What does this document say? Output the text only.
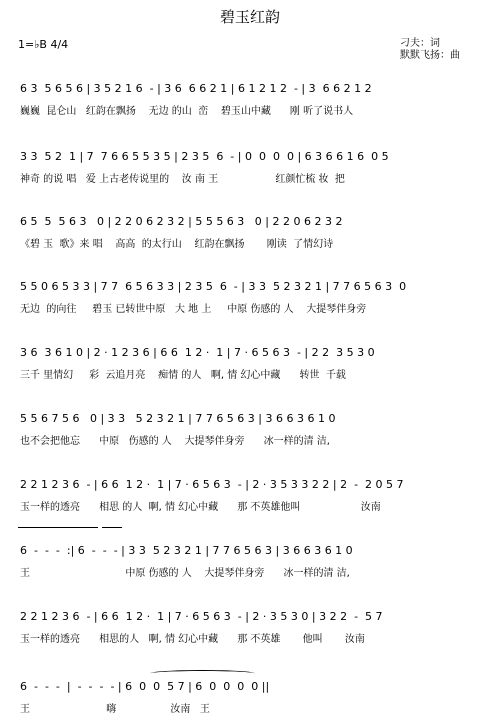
碧玉红韵
1=♭B 4/4	刁夫：词
默默飞扬：曲
6 3  5 6 5 6 | 3 5 2 1 6  - | 3 6  6 6 2 1 | 6 1 2 1 2  - | 3  6 6 2 1 2
巍巍  昆仑山   红韵在飘扬    无边 的山  峦    碧玉山中藏      刚 听了说书人
3 3  5 2  1 | 7  7 6 6 5 5 3 5 | 2 3 5  6  - | 0  0  0  0 | 6 3 6 6 1 6  0 5
神奇 的说 唱   爱 上古老传说里的    汝 南 王                  红颜忙梳 妆  把
6 5  5  5 6 3   0 | 2 2 0 6 2 3 2 | 5 5 5 6 3   0 | 2 2 0 6 2 3 2
《碧 玉  歌》来 唱    高高  的太行山    红韵在飘扬       刚读  了情幻诗
5 5 0 6 5 3 3 | 7 7  6 5 6 3 3 | 2 3 5  6  - | 3 3  5 2 3 2 1 | 7 7 6 5 6 3  0
无边  的向往     碧玉 已转世中原   大 地 上     中原 伤感的 人    大提琴伴身旁
3 6  3 6 1 0 | 2 · 1 2 3 6 | 6 6  1 2 ·  1 | 7 · 6 5 6 3  - | 2 2  3 5 3 0
三千 里情幻     彩  云追月亮    痴情 的人   啊, 情 幻心中藏      转世  千载
5 5 6 7 5 6   0 | 3 3   5 2 3 2 1 | 7 7 6 5 6 3 | 3 6 6 3 6 1 0
也不会把他忘      中原   伤感的 人    大提琴伴身旁      冰一样的清 洁,
2 2 1 2 3 6  - | 6 6  1 2 ·  1 | 7 · 6 5 6 3  - | 2 · 3 5 3 3 2 2 | 2  -  2 0 5 7
玉一样的透亮      相思 的人  啊, 情 幻心中藏      那 不英雄他叫                   汝南
6  -  -  -  :| 6  -  -  - | 3 3  5 2 3 2 1 | 7 7 6 5 6 3 | 3 6 6 3 6 1 0
王                              中原 伤感的 人    大提琴伴身旁      冰一样的清 洁,
2 2 1 2 3 6  - | 6 6  1 2 ·  1 | 7 · 6 5 6 3  - | 2 · 3 5 3 0 | 3 2 2  -  5 7
玉一样的透亮      相思的人   啊, 情 幻心中藏      那 不英雄       他叫       汝南
6  -  -  -  |  -  -  -  - | 6  0  0  5 7 | 6  0  0  0  0 ||
王                        嗨                 汝南   王
